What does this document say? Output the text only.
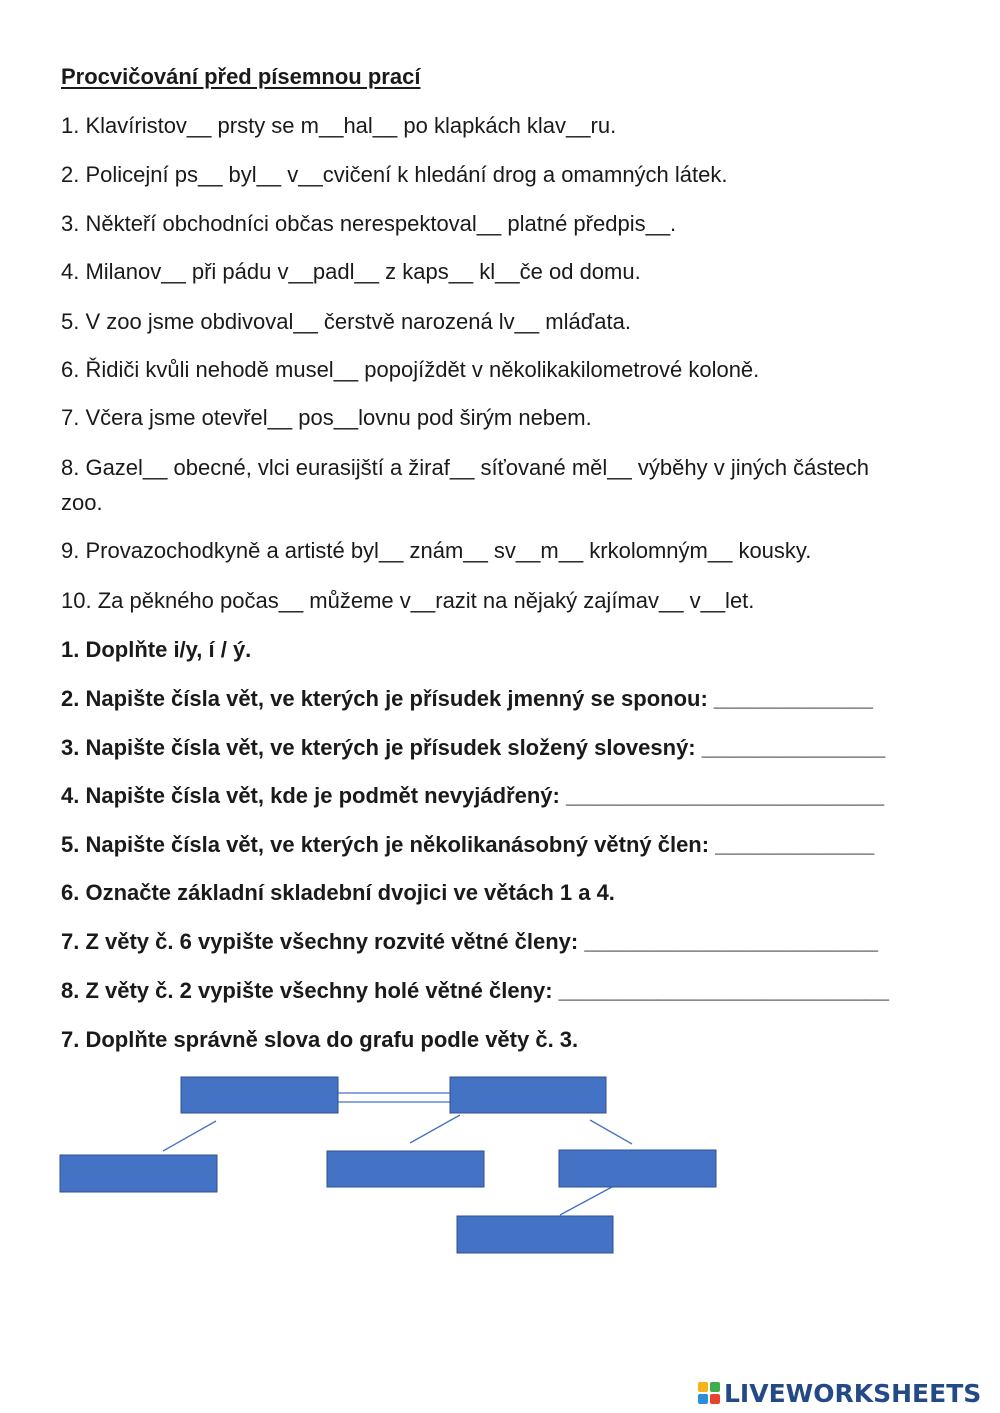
Procvičování před písemnou prací
1. Klavíristov__ prsty se m__hal__ po klapkách klav__ru.
2. Policejní ps__ byl__ v__cvičení k hledání drog a omamných látek.
3. Někteří obchodníci občas nerespektoval__ platné předpis__.
4. Milanov__ při pádu v__padl__ z kaps__ kl__če od domu.
5. V zoo jsme obdivoval__ čerstvě narozená lv__ mláďata.
6. Řidiči kvůli nehodě musel__ popojíždět v několikakilometrové koloně.
7. Včera jsme otevřel__ pos__lovnu pod širým nebem.
8. Gazel__ obecné, vlci eurasijští a žiraf__ síťované měl__ výběhy v jiných částech zoo.
9. Provazochodkyně a artisté byl__ znám__ sv__m__ krkolomným__ kousky.
10. Za pěkného počas__ můžeme v__razit na nějaký zajímav__ v__let.
1. Doplňte i/y, í / ý.
2. Napište čísla vět, ve kterých je přísudek jmenný se sponou: _____________
3. Napište čísla vět, ve kterých je přísudek složený slovesný: _______________
4. Napište čísla vět, kde je podmět nevyjádřený: __________________________
5. Napište čísla vět, ve kterých je několikanásobný větný člen: _____________
6. Označte základní skladební dvojici ve větách 1 a 4.
7. Z věty č. 6 vypište všechny rozvité větné členy: ________________________
8. Z věty č. 2 vypište všechny holé větné členy: ___________________________
7. Doplňte správně slova do grafu podle věty č. 3.
LIVEWORKSHEETS
